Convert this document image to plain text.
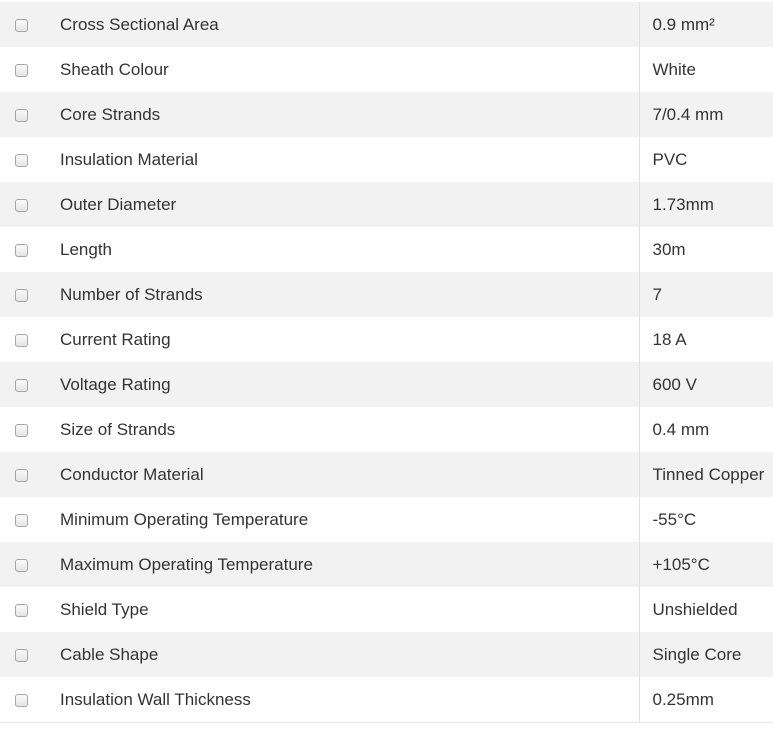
	Cross Sectional Area	0.9 mm²
	Sheath Colour	White
	Core Strands	7/0.4 mm
	Insulation Material	PVC
	Outer Diameter	1.73mm
	Length	30m
	Number of Strands	7
	Current Rating	18 A
	Voltage Rating	600 V
	Size of Strands	0.4 mm
	Conductor Material	Tinned Copper
	Minimum Operating Temperature	-55°C
	Maximum Operating Temperature	+105°C
	Shield Type	Unshielded
	Cable Shape	Single Core
	Insulation Wall Thickness	0.25mm
